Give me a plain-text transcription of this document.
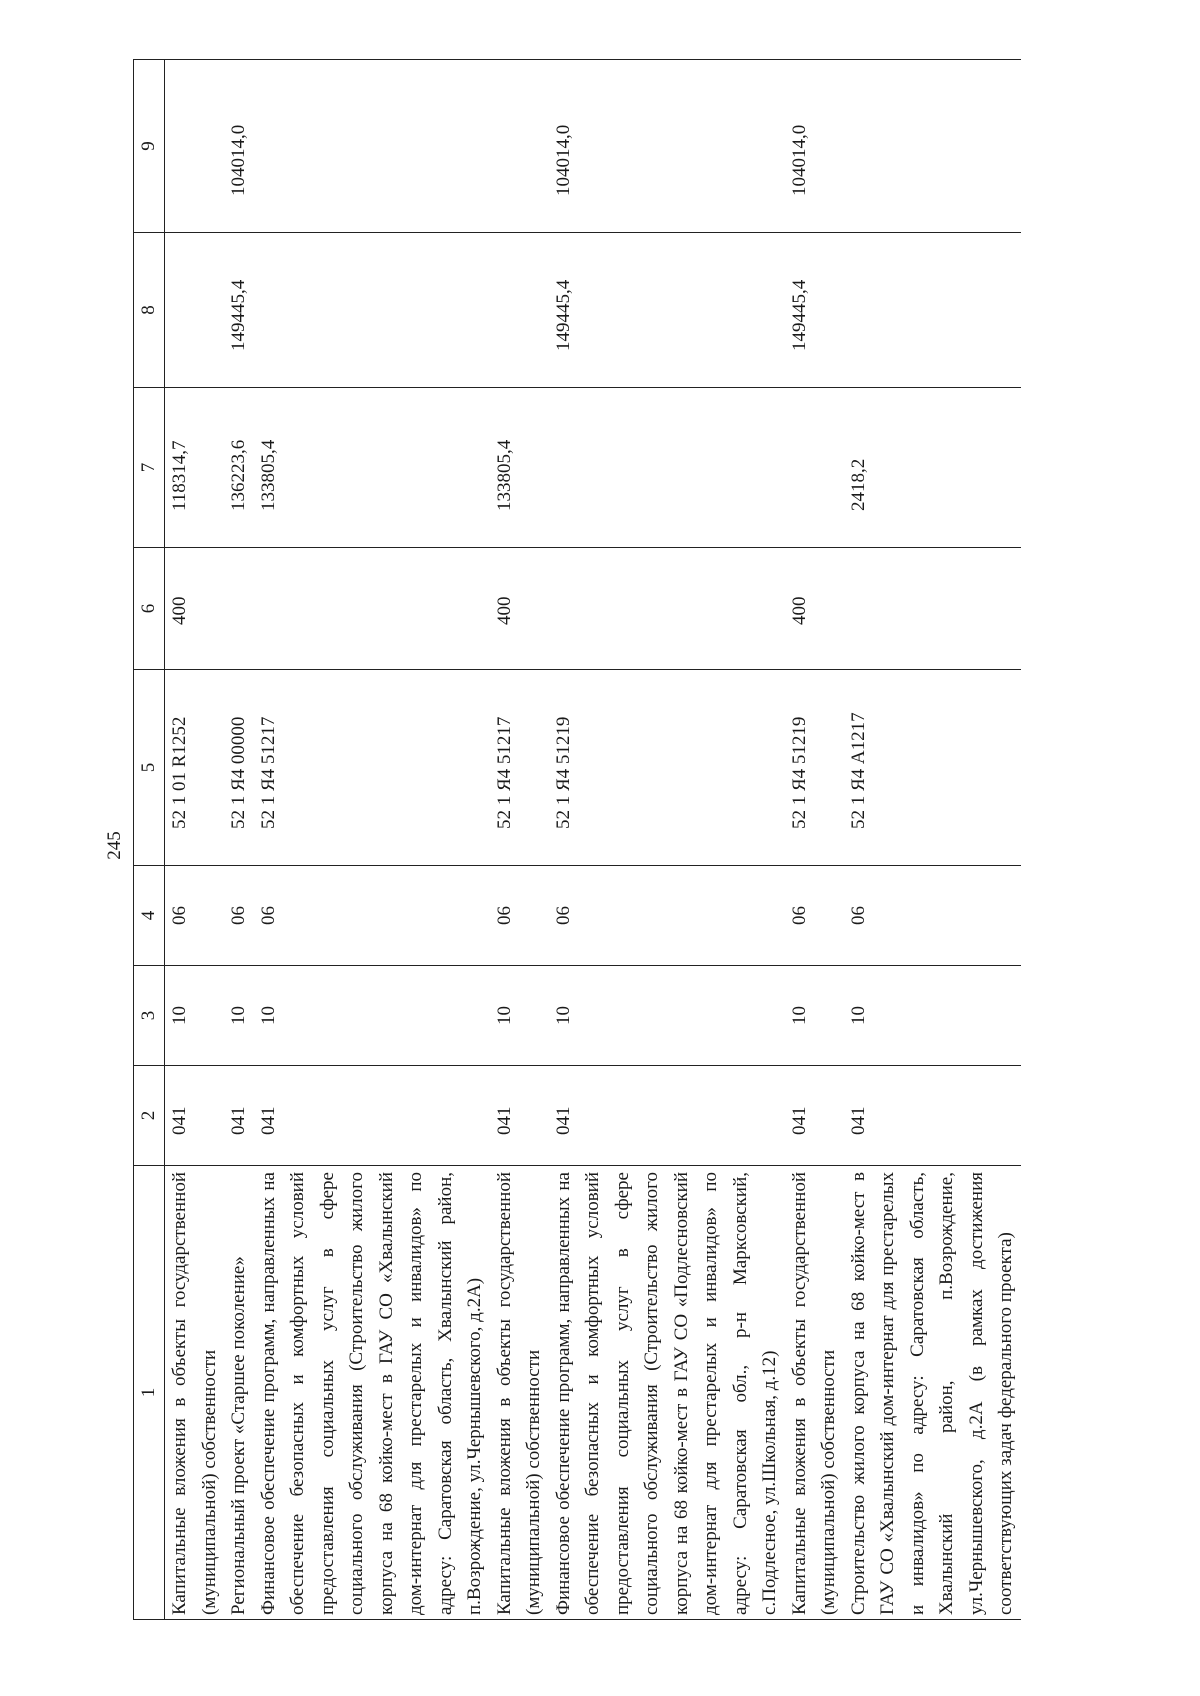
245
1	2	3	4	5	6	7	8	9
Капитальные вложения в объекты государственной (муниципальной) собственности	041	10	06	52 1 01 R1252	400	118314,7		
Региональный проект «Старшее поколение»	041	10	06	52 1 Я4 00000		136223,6	149445,4	104014,0
Финансовое обеспечение программ, направленных на обеспечение безопасных и комфортных условий предоставления социальных услуг в сфере социального обслуживания (Строительство жилого корпуса на 68 койко-мест в ГАУ СО «Хвалынский дом-интернат для престарелых и инвалидов» по адресу: Саратовская область, Хвалынский район, п.Возрождение, ул.Чернышевского, д.2А)	041	10	06	52 1 Я4 51217		133805,4		
Капитальные вложения в объекты государственной (муниципальной) собственности	041	10	06	52 1 Я4 51217	400	133805,4		
Финансовое обеспечение программ, направленных на обеспечение безопасных и комфортных условий предоставления социальных услуг в сфере социального обслуживания (Строительство жилого корпуса на 68 койко-мест в ГАУ СО «Подлесновский дом-интернат для престарелых и инвалидов» по адресу: Саратовская обл., р-н Марксовский, с.Подлесное, ул.Школьная, д.12)	041	10	06	52 1 Я4 51219			149445,4	104014,0
Капитальные вложения в объекты государственной (муниципальной) собственности	041	10	06	52 1 Я4 51219	400		149445,4	104014,0
Строительство жилого корпуса на 68 койко-мест в ГАУ СО «Хвалынский дом-интернат для престарелых и инвалидов» по адресу: Саратовская область, Хвалынский район, п.Возрождение, ул.Чернышевского, д.2А (в рамках достижения соответствующих задач федерального проекта)	041	10	06	52 1 Я4 А1217		2418,2		
